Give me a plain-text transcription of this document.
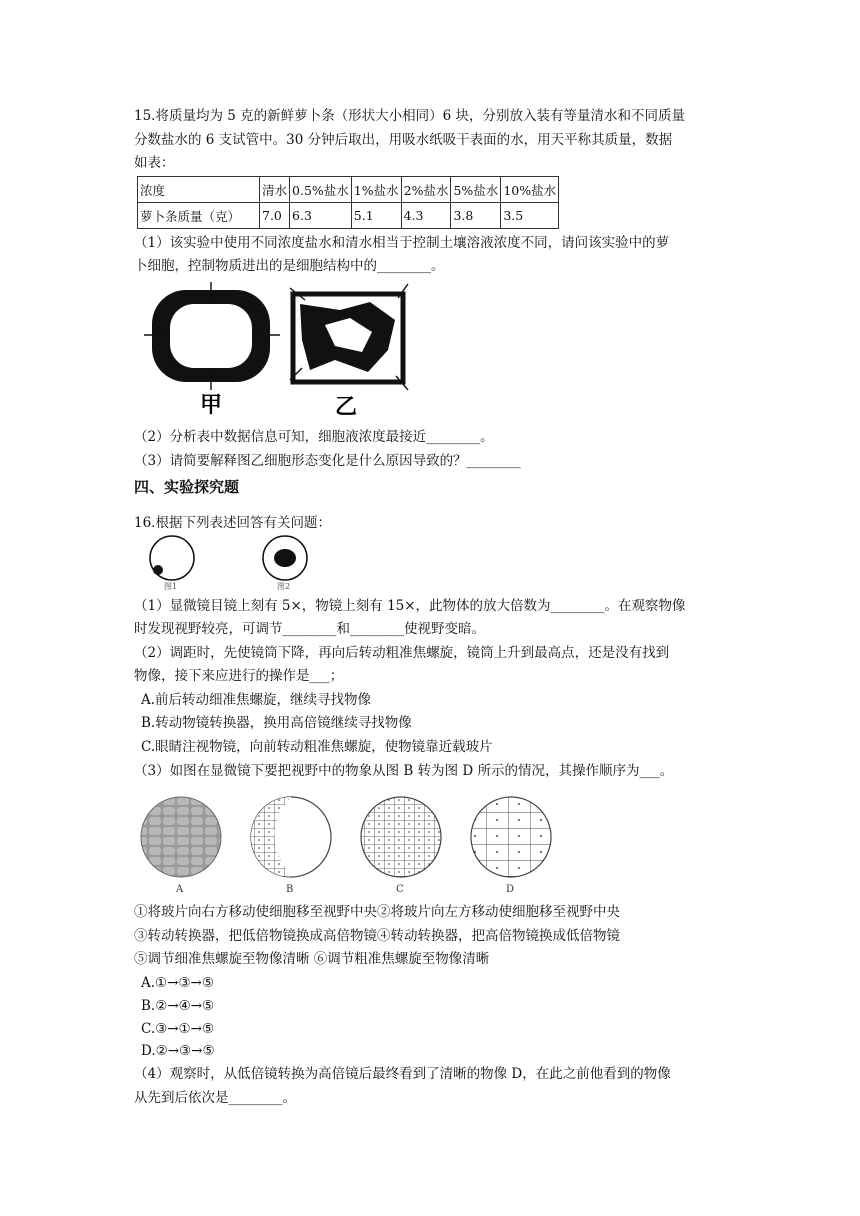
15.将质量均为 5 克的新鲜萝卜条（形状大小相同）6 块，分别放入装有等量清水和不同质量
分数盐水的 6 支试管中。30 分钟后取出，用吸水纸吸干表面的水，用天平称其质量，数据
如表：
浓度	清水	0.5%盐水	1%盐水	2%盐水	5%盐水	10%盐水
萝卜条质量（克）	7.0	6.3	5.1	4.3	3.8	3.5
（1）该实验中使用不同浓度盐水和清水相当于控制土壤溶液浓度不同，请问该实验中的萝
卜细胞，控制物质进出的是细胞结构中的________。
甲	乙
（2）分析表中数据信息可知，细胞液浓度最接近________。
（3）请简要解释图乙细胞形态变化是什么原因导致的？________
四、实验探究题
16.根据下列表述回答有关问题：
图1	图2
（1）显微镜目镜上刻有 5×，物镜上刻有 15×，此物体的放大倍数为________。在观察物像
时发现视野较亮，可调节________和________使视野变暗。
（2）调距时，先使镜筒下降，再向后转动粗准焦螺旋，镜筒上升到最高点，还是没有找到
物像，接下来应进行的操作是___；
A.前后转动细准焦螺旋，继续寻找物像
B.转动物镜转换器，换用高倍镜继续寻找物像
C.眼睛注视物镜，向前转动粗准焦螺旋，使物镜靠近载玻片
（3）如图在显微镜下要把视野中的物象从图 B 转为图 D 所示的情况，其操作顺序为___。
A	B	C	D
①将玻片向右方移动使细胞移至视野中央②将玻片向左方移动使细胞移至视野中央
③转动转换器，把低倍物镜换成高倍物镜④转动转换器，把高倍物镜换成低倍物镜
⑤调节细准焦螺旋至物像清晰 ⑥调节粗准焦螺旋至物像清晰
A.①→③→⑤
B.②→④→⑤
C.③→①→⑤
D.②→③→⑤
（4）观察时，从低倍镜转换为高倍镜后最终看到了清晰的物像 D，在此之前他看到的物像
从先到后依次是________。
